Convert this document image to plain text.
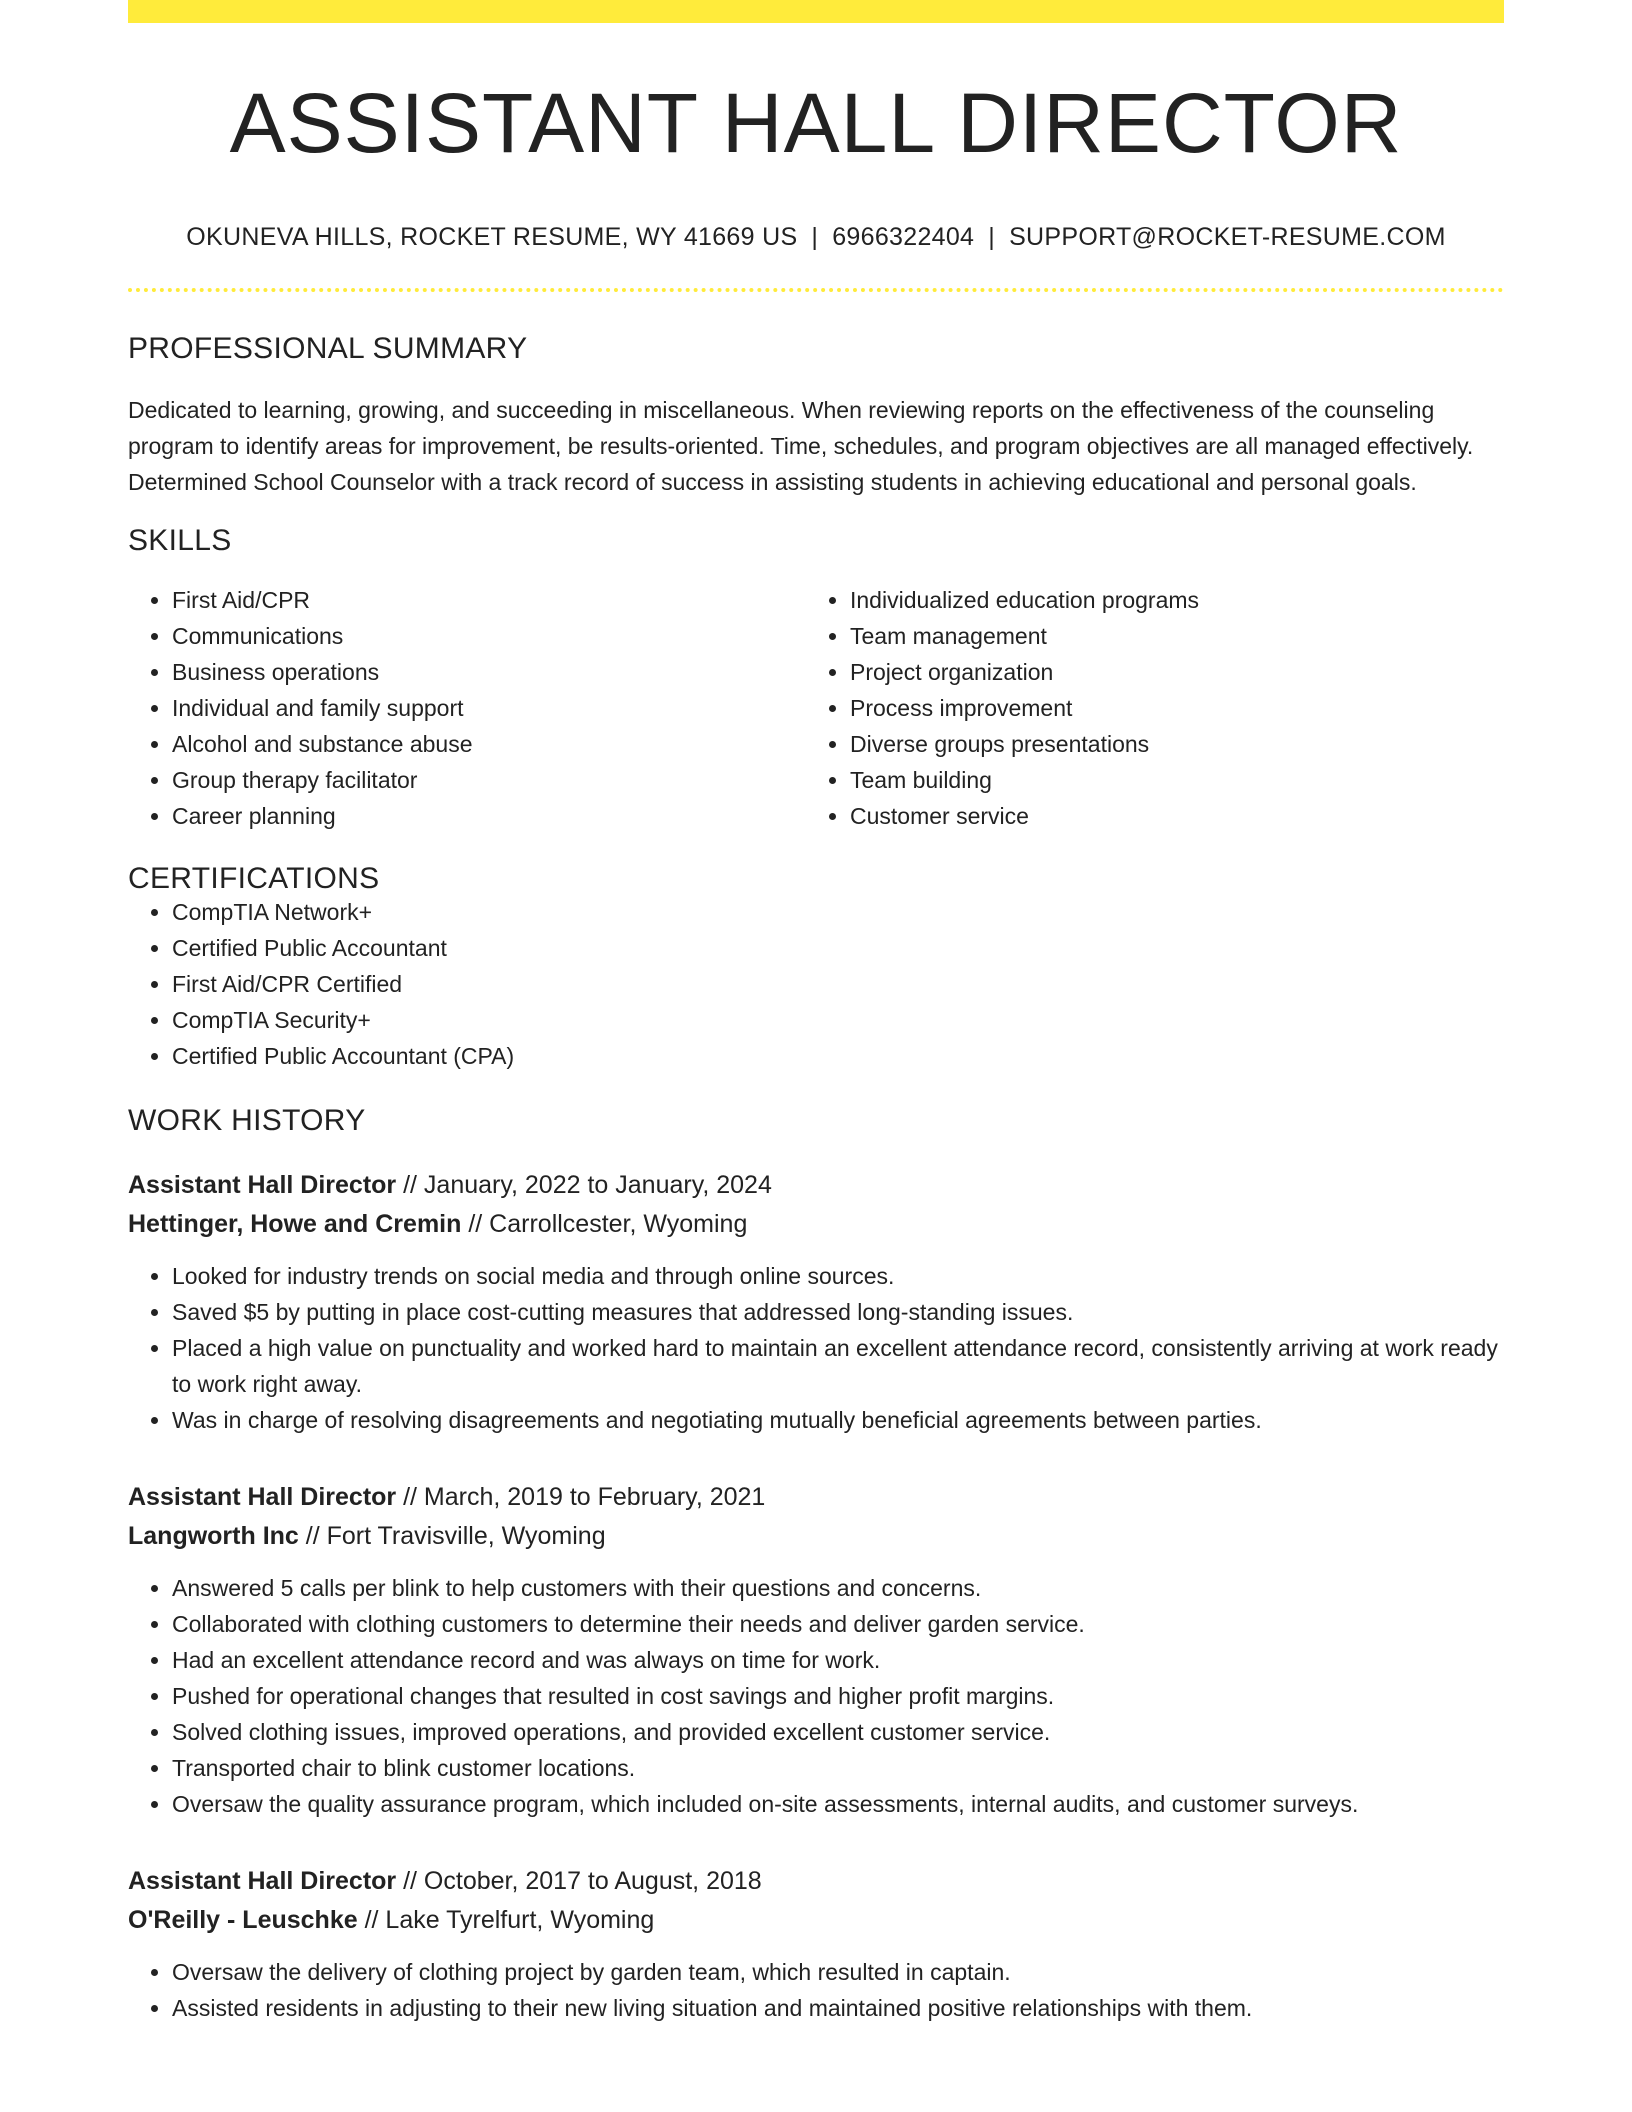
ASSISTANT HALL DIRECTOR
OKUNEVA HILLS, ROCKET RESUME, WY 41669 US | 6966322404 | SUPPORT@ROCKET-RESUME.COM
PROFESSIONAL SUMMARY

Dedicated to learning, growing, and succeeding in miscellaneous. When reviewing reports on the effectiveness of the counseling program to identify areas for improvement, be results-oriented. Time, schedules, and program objectives are all managed effectively. Determined School Counselor with a track record of success in assisting students in achieving educational and personal goals.

SKILLS
• First Aid/CPR
• Communications
• Business operations
• Individual and family support
• Alcohol and substance abuse
• Group therapy facilitator
• Career planning
• Individualized education programs
• Team management
• Project organization
• Process improvement
• Diverse groups presentations
• Team building
• Customer service
CERTIFICATIONS
• CompTIA Network+
• Certified Public Accountant
• First Aid/CPR Certified
• CompTIA Security+
• Certified Public Accountant (CPA)
WORK HISTORY
Assistant Hall Director // January, 2022 to January, 2024
Hettinger, Howe and Cremin // Carrollcester, Wyoming
• Looked for industry trends on social media and through online sources.
• Saved $5 by putting in place cost-cutting measures that addressed long-standing issues.
• Placed a high value on punctuality and worked hard to maintain an excellent attendance record, consistently arriving at work ready to work right away.
• Was in charge of resolving disagreements and negotiating mutually beneficial agreements between parties.
Assistant Hall Director // March, 2019 to February, 2021
Langworth Inc // Fort Travisville, Wyoming
• Answered 5 calls per blink to help customers with their questions and concerns.
• Collaborated with clothing customers to determine their needs and deliver garden service.
• Had an excellent attendance record and was always on time for work.
• Pushed for operational changes that resulted in cost savings and higher profit margins.
• Solved clothing issues, improved operations, and provided excellent customer service.
• Transported chair to blink customer locations.
• Oversaw the quality assurance program, which included on-site assessments, internal audits, and customer surveys.
Assistant Hall Director // October, 2017 to August, 2018
O'Reilly - Leuschke // Lake Tyrelfurt, Wyoming
• Oversaw the delivery of clothing project by garden team, which resulted in captain.
• Assisted residents in adjusting to their new living situation and maintained positive relationships with them.
